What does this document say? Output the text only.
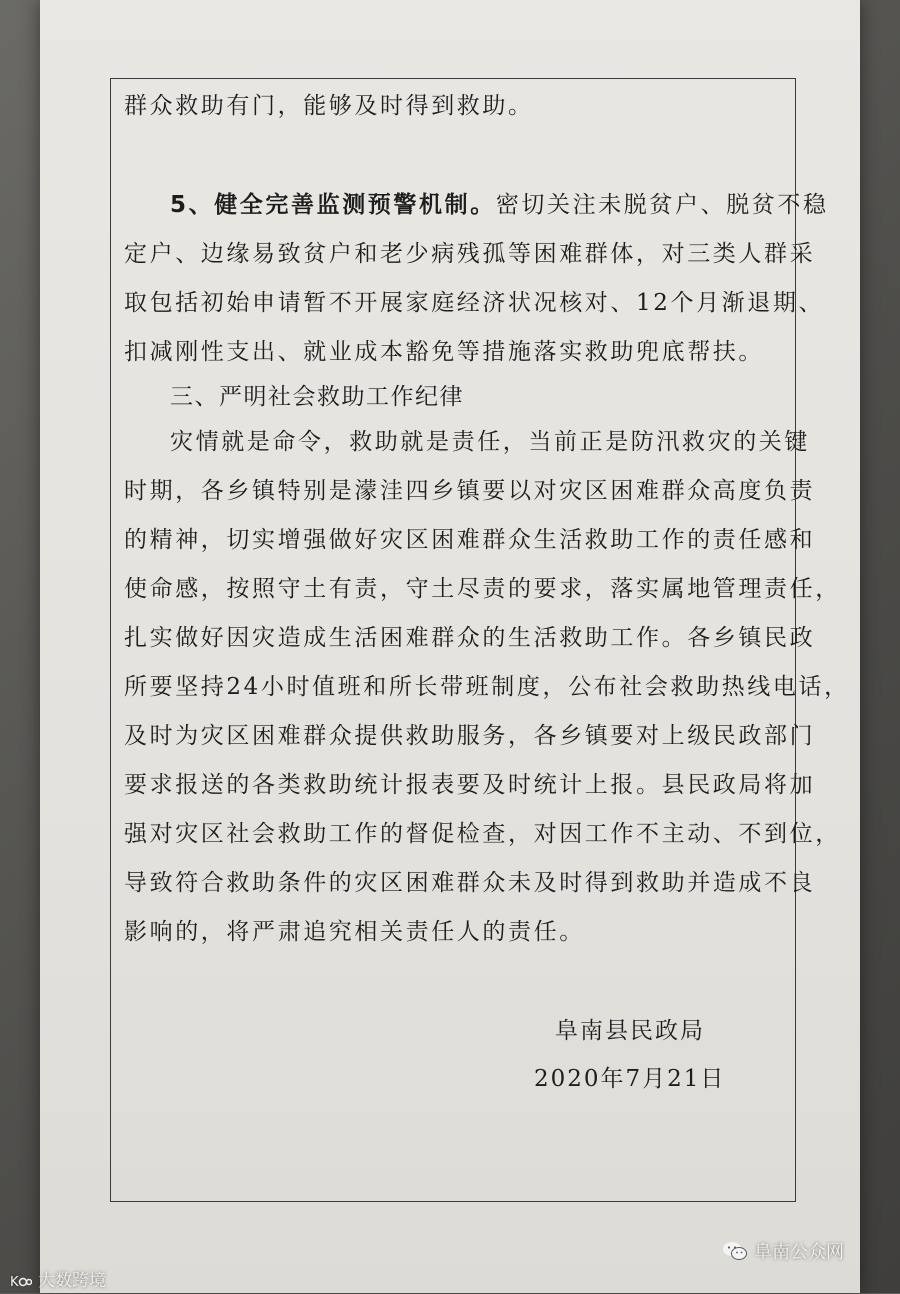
群众救助有门，能够及时得到救助。
5、健全完善监测预警机制。密切关注未脱贫户、脱贫不稳
定户、边缘易致贫户和老少病残孤等困难群体，对三类人群采
取包括初始申请暂不开展家庭经济状况核对、12个月渐退期、
扣减刚性支出、就业成本豁免等措施落实救助兜底帮扶。
三、严明社会救助工作纪律
灾情就是命令，救助就是责任，当前正是防汛救灾的关键
时期，各乡镇特别是濛洼四乡镇要以对灾区困难群众高度负责
的精神，切实增强做好灾区困难群众生活救助工作的责任感和
使命感，按照守土有责，守土尽责的要求，落实属地管理责任，
扎实做好因灾造成生活困难群众的生活救助工作。各乡镇民政
所要坚持24小时值班和所长带班制度，公布社会救助热线电话，
及时为灾区困难群众提供救助服务，各乡镇要对上级民政部门
要求报送的各类救助统计报表要及时统计上报。县民政局将加
强对灾区社会救助工作的督促检查，对因工作不主动、不到位，
导致符合救助条件的灾区困难群众未及时得到救助并造成不良
影响的，将严肃追究相关责任人的责任。
阜南县民政局
2020年7月21日
K 大数跨境
阜南公众网
